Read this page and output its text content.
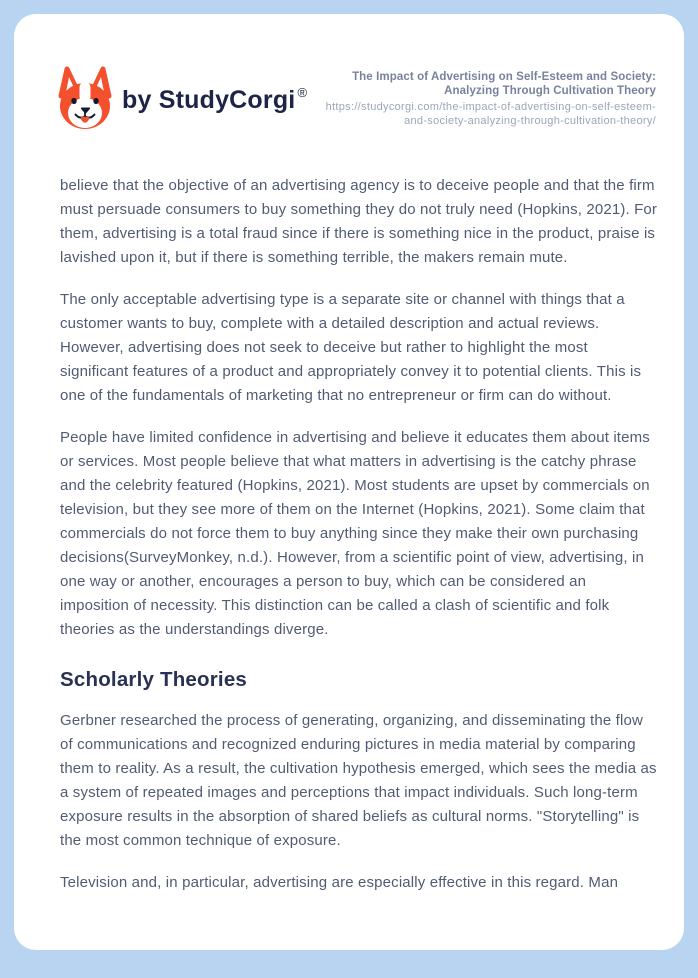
by StudyCorgi ®
The Impact of Advertising on Self-Esteem and Society: Analyzing Through Cultivation Theory
https://studycorgi.com/the-impact-of-advertising-on-self-esteem-and-society-analyzing-through-cultivation-theory/

believe that the objective of an advertising agency is to deceive people and that the firm must persuade consumers to buy something they do not truly need (Hopkins, 2021). For them, advertising is a total fraud since if there is something nice in the product, praise is lavished upon it, but if there is something terrible, the makers remain mute.

The only acceptable advertising type is a separate site or channel with things that a customer wants to buy, complete with a detailed description and actual reviews. However, advertising does not seek to deceive but rather to highlight the most significant features of a product and appropriately convey it to potential clients. This is one of the fundamentals of marketing that no entrepreneur or firm can do without.

People have limited confidence in advertising and believe it educates them about items or services. Most people believe that what matters in advertising is the catchy phrase and the celebrity featured (Hopkins, 2021). Most students are upset by commercials on television, but they see more of them on the Internet (Hopkins, 2021). Some claim that commercials do not force them to buy anything since they make their own purchasing decisions(SurveyMonkey, n.d.). However, from a scientific point of view, advertising, in one way or another, encourages a person to buy, which can be considered an imposition of necessity. This distinction can be called a clash of scientific and folk theories as the understandings diverge.

Scholarly Theories

Gerbner researched the process of generating, organizing, and disseminating the flow of communications and recognized enduring pictures in media material by comparing them to reality. As a result, the cultivation hypothesis emerged, which sees the media as a system of repeated images and perceptions that impact individuals. Such long-term exposure results in the absorption of shared beliefs as cultural norms. "Storytelling" is the most common technique of exposure.

Television and, in particular, advertising are especially effective in this regard. Man
